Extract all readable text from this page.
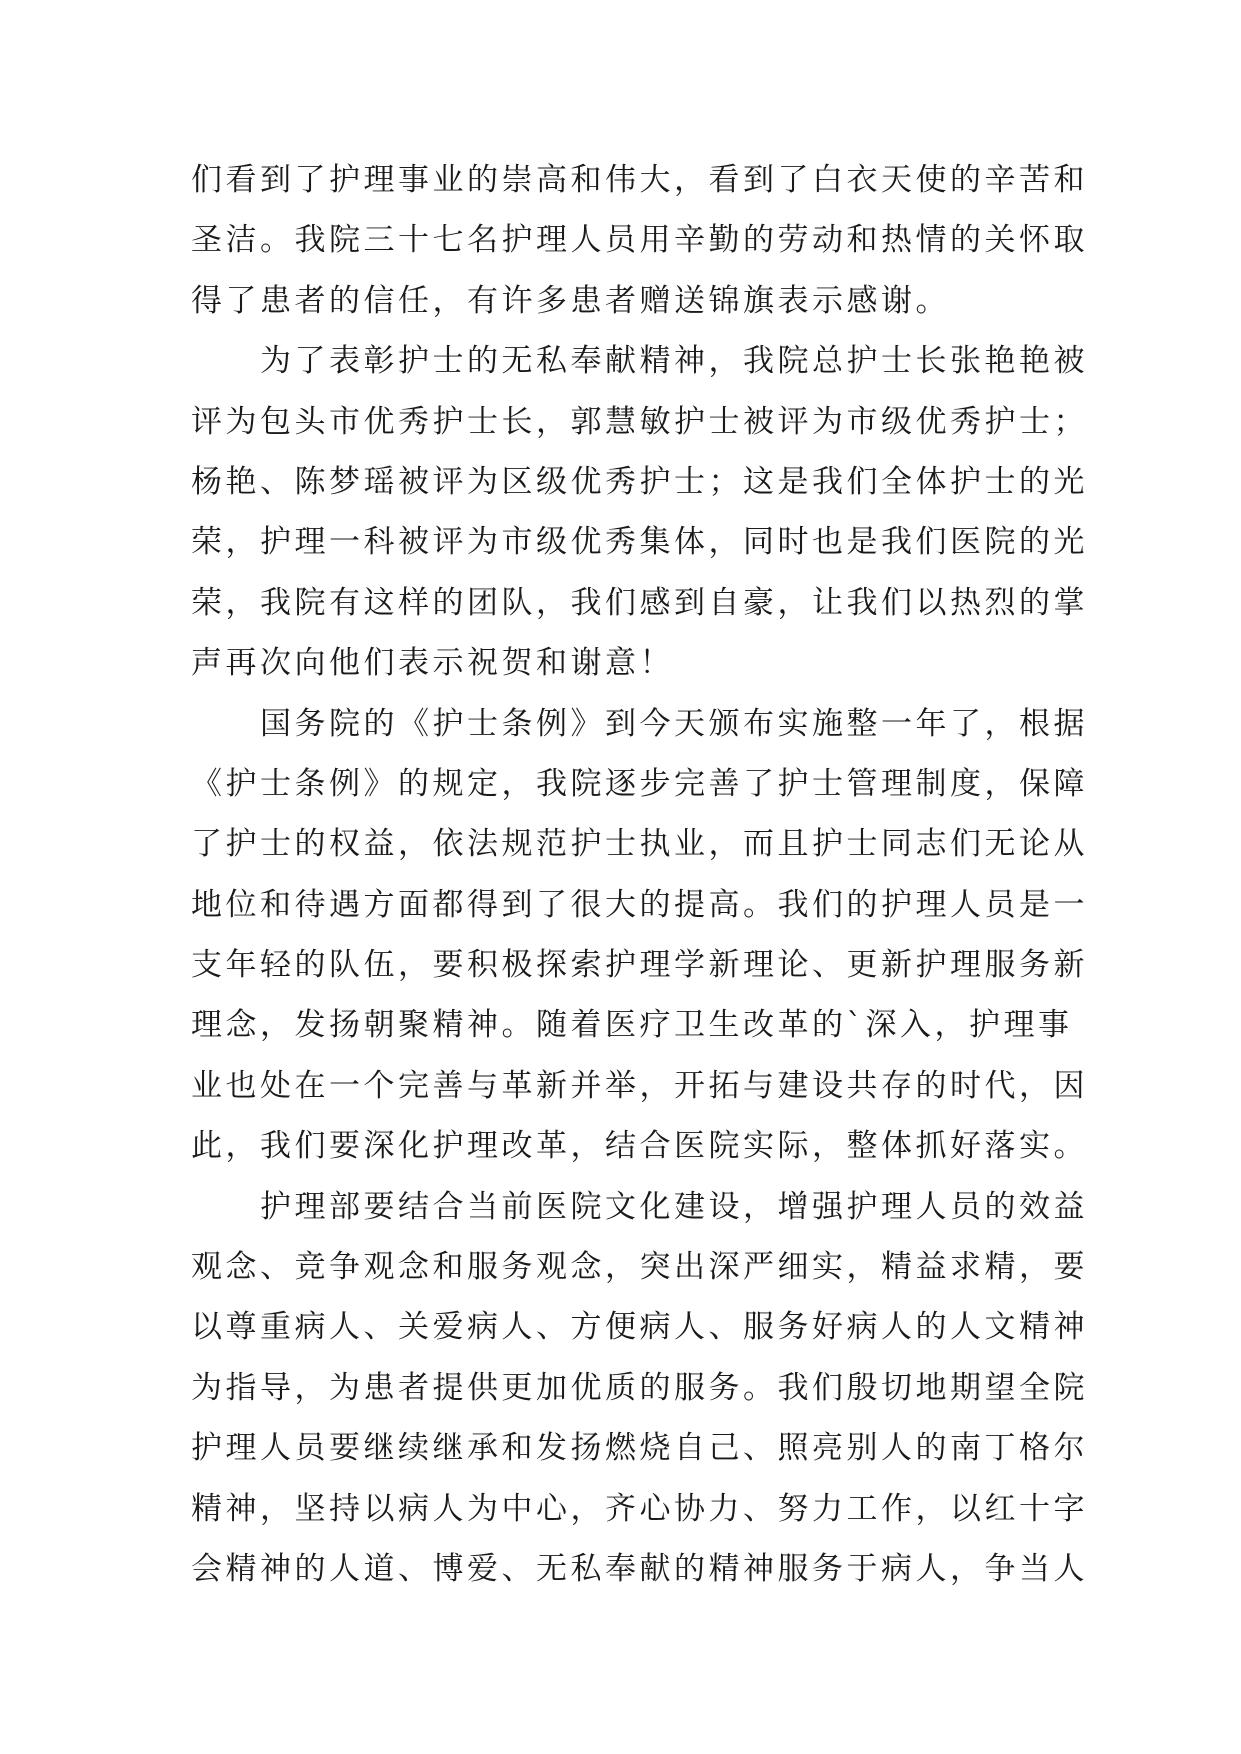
们看到了护理事业的崇高和伟大，看到了白衣天使的辛苦和
圣洁。我院三十七名护理人员用辛勤的劳动和热情的关怀取
得了患者的信任，有许多患者赠送锦旗表示感谢。
　　为了表彰护士的无私奉献精神，我院总护士长张艳艳被
评为包头市优秀护士长，郭慧敏护士被评为市级优秀护士；
杨艳、陈梦瑶被评为区级优秀护士；这是我们全体护士的光
荣，护理一科被评为市级优秀集体，同时也是我们医院的光
荣，我院有这样的团队，我们感到自豪，让我们以热烈的掌
声再次向他们表示祝贺和谢意！
　　国务院的《护士条例》到今天颁布实施整一年了，根据
《护士条例》的规定，我院逐步完善了护士管理制度，保障
了护士的权益，依法规范护士执业，而且护士同志们无论从
地位和待遇方面都得到了很大的提高。我们的护理人员是一
支年轻的队伍，要积极探索护理学新理论、更新护理服务新
理念，发扬朝聚精神。随着医疗卫生改革的`深入，护理事
业也处在一个完善与革新并举，开拓与建设共存的时代，因
此，我们要深化护理改革，结合医院实际，整体抓好落实。
　　护理部要结合当前医院文化建设，增强护理人员的效益
观念、竞争观念和服务观念，突出深严细实，精益求精，要
以尊重病人、关爱病人、方便病人、服务好病人的人文精神
为指导，为患者提供更加优质的服务。我们殷切地期望全院
护理人员要继续继承和发扬燃烧自己、照亮别人的南丁格尔
精神，坚持以病人为中心，齐心协力、努力工作，以红十字
会精神的人道、博爱、无私奉献的精神服务于病人，争当人
